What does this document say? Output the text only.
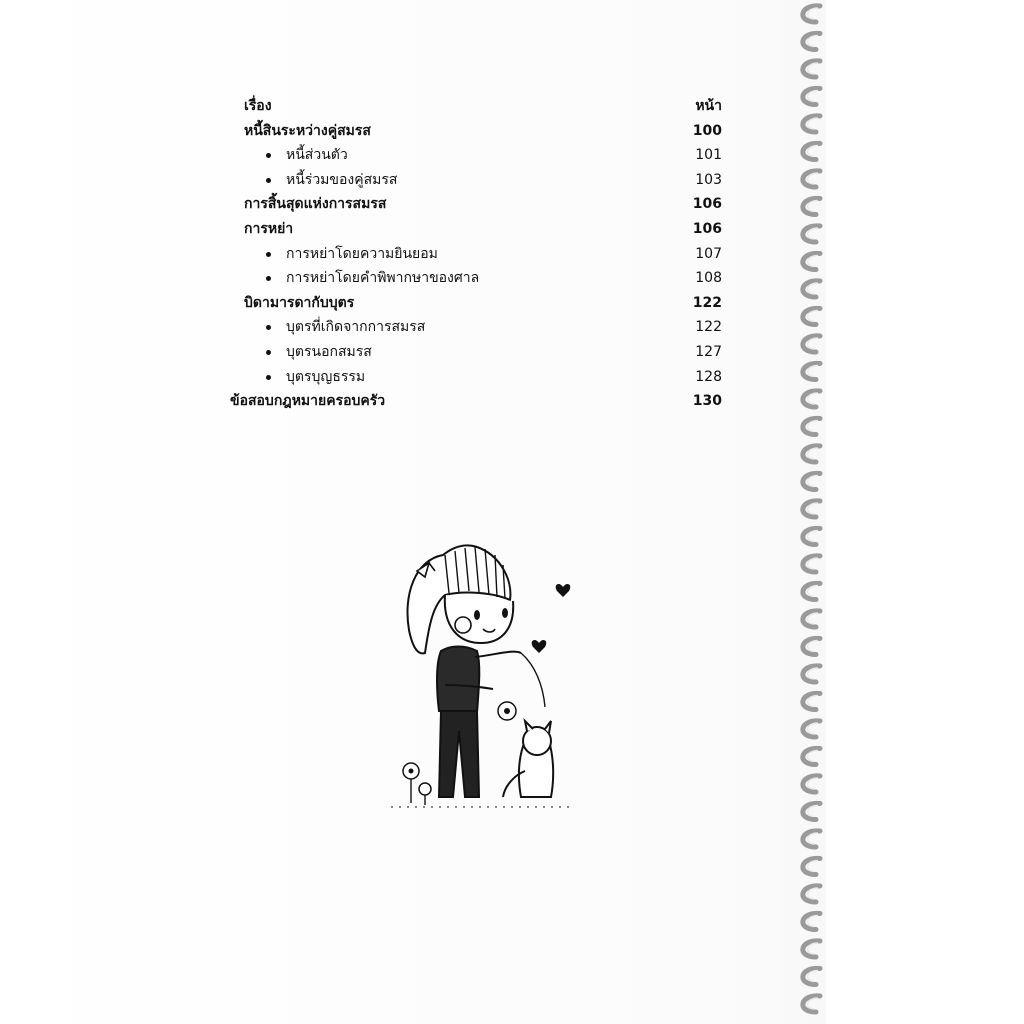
เรื่อง	หน้า
หนี้สินระหว่างคู่สมรส	100
หนี้ส่วนตัว	101
หนี้ร่วมของคู่สมรส	103
การสิ้นสุดแห่งการสมรส	106
การหย่า	106
การหย่าโดยความยินยอม	107
การหย่าโดยคำพิพากษาของศาล	108
บิดามารดากับบุตร	122
บุตรที่เกิดจากการสมรส	122
บุตรนอกสมรส	127
บุตรบุญธรรม	128
ข้อสอบกฎหมายครอบครัว	130
